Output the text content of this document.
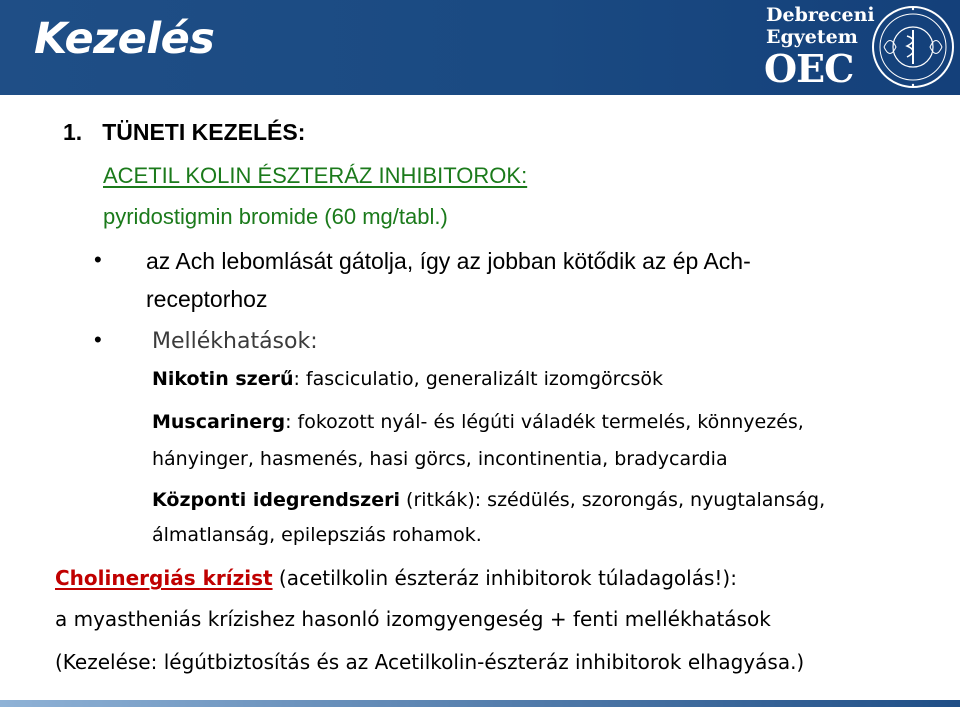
Kezelés	Debreceni
Egyetem
OEC
1. TÜNETI KEZELÉS:
ACETIL KOLIN ÉSZTERÁZ INHIBITOROK:
pyridostigmin bromide (60 mg/tabl.)
• az Ach lebomlását gátolja, így az jobban kötődik az ép Ach-
receptorhoz
• Mellékhatások:
Nikotin szerű: fasciculatio, generalizált izomgörcsök
Muscarinerg: fokozott nyál- és légúti váladék termelés, könnyezés,
hányinger, hasmenés, hasi görcs, incontinentia, bradycardia
Központi idegrendszeri (ritkák): szédülés, szorongás, nyugtalanság,
álmatlanság, epilepsziás rohamok.
Cholinergiás krízist (acetilkolin észteráz inhibitorok túladagolás!):
a myastheniás krízishez hasonló izomgyengeség + fenti mellékhatások
(Kezelése: légútbiztosítás és az Acetilkolin-észteráz inhibitorok elhagyása.)
